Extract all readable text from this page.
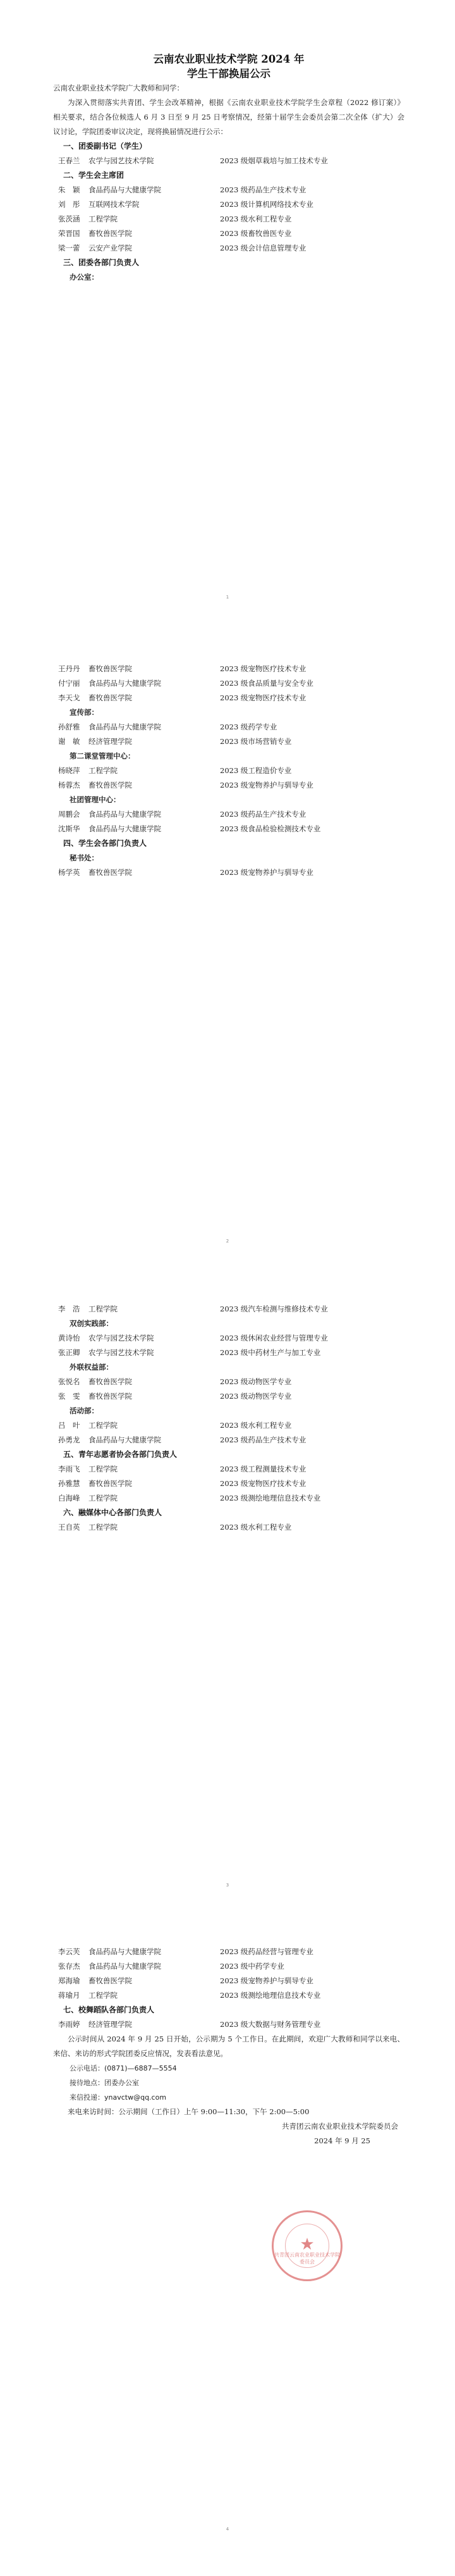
云南农业职业技术学院 2024 年
学生干部换届公示
云南农业职业技术学院广大教师和同学：
为深入贯彻落实共青团、学生会改革精神，根据《云南农业职业技术学院学生会章程（2022 修订案）》相关要求，结合各位候选人 6 月 3 日至 9 月 25 日考察情况，经第十届学生会委员会第二次全体（扩大）会议讨论，学院团委审议决定，现将换届情况进行公示：
一、团委副书记（学生）
王春兰	农学与园艺技术学院	2023 级烟草栽培与加工技术专业
二、学生会主席团
朱　颖	食品药品与大健康学院	2023 级药品生产技术专业
刘　彤	互联网技术学院	2023 级计算机网络技术专业
张茨涵	工程学院	2023 级水利工程专业
荣晋国	畜牧兽医学院	2023 级畜牧兽医专业
梁一蕾	云安产业学院	2023 级会计信息管理专业
三、团委各部门负责人
办公室：
1
王丹丹	畜牧兽医学院	2023 级宠物医疗技术专业
付宁丽	食品药品与大健康学院	2023 级食品质量与安全专业
李天戈	畜牧兽医学院	2023 级宠物医疗技术专业
宣传部：
孙舒雅	食品药品与大健康学院	2023 级药学专业
谢　敏	经济管理学院	2023 级市场营销专业
第二课堂管理中心：
杨晓萍	工程学院	2023 级工程造价专业
杨蓉杰	畜牧兽医学院	2023 级宠物养护与驯导专业
社团管理中心：
周鹏会	食品药品与大健康学院	2023 级药品生产技术专业
沈斯华	食品药品与大健康学院	2023 级食品检验检测技术专业
四、学生会各部门负责人
秘书处：
杨学英	畜牧兽医学院	2023 级宠物养护与驯导专业
2
李　浩	工程学院	2023 级汽车检测与维修技术专业
双创实践部：
黄诗怡	农学与园艺技术学院	2023 级休闲农业经营与管理专业
张正卿	农学与园艺技术学院	2023 级中药材生产与加工专业
外联权益部：
张悦名	畜牧兽医学院	2023 级动物医学专业
张　雯	畜牧兽医学院	2023 级动物医学专业
活动部：
吕　叶	工程学院	2023 级水利工程专业
孙勇龙	食品药品与大健康学院	2023 级药品生产技术专业
五、青年志愿者协会各部门负责人
李雨飞	工程学院	2023 级工程测量技术专业
孙雅慧	畜牧兽医学院	2023 级宠物医疗技术专业
白海峰	工程学院	2023 级测绘地理信息技术专业
六、融媒体中心各部门负责人
王自英	工程学院	2023 级水利工程专业
3
李云芙	食品药品与大健康学院	2023 级药品经营与管理专业
张存杰	食品药品与大健康学院	2023 级中药学专业
郑海瑜	畜牧兽医学院	2023 级宠物养护与驯导专业
蒋瑜月	工程学院	2023 级测绘地理信息技术专业
七、校舞蹈队各部门负责人
李雨婷	经济管理学院	2023 级大数据与财务管理专业
公示时间从 2024 年 9 月 25 日开始，公示期为 5 个工作日。在此期间，欢迎广大教师和同学以来电、来信、来访的形式学院团委反应情况，发表看法意见。
公示电话：(0871)—6887—5554
接待地点：团委办公室
来信投递：ynavctw@qq.com
来电来访时间：公示期间（工作日）上午 9:00—11:30，下午 2:00—5:00
共青团云南农业职业技术学院委员会
2024 年 9 月 25
★
共青团云南农业职业技术学院委员会
4
